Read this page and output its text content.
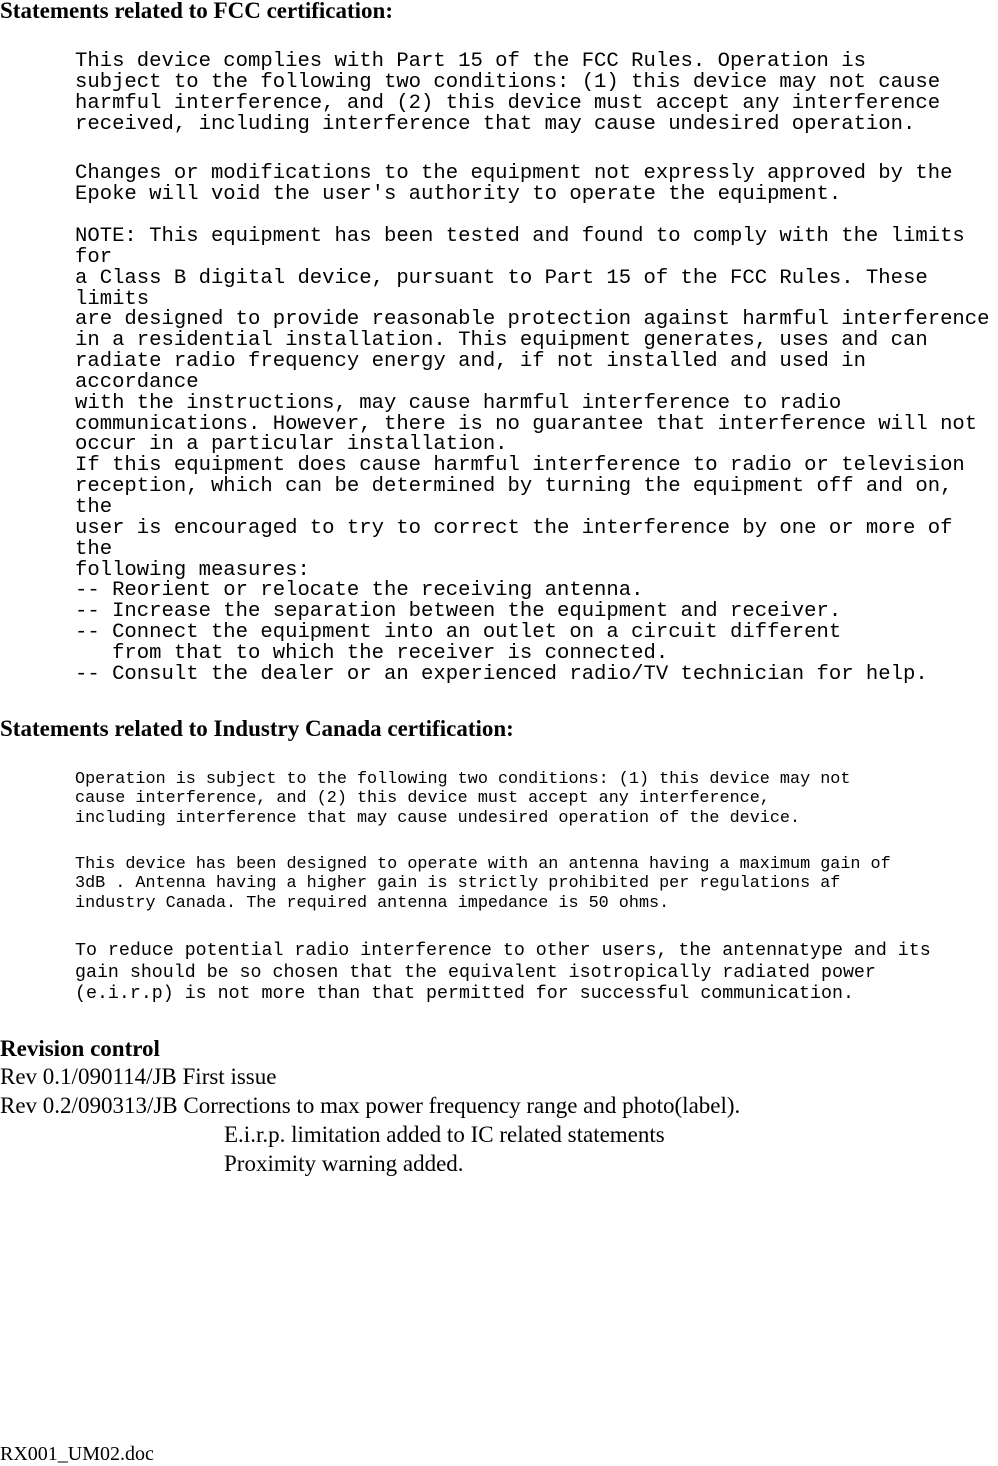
Statements related to FCC certification:

This device complies with Part 15 of the FCC Rules. Operation is
subject to the following two conditions: (1) this device may not cause
harmful interference, and (2) this device must accept any interference
received, including interference that may cause undesired operation.

Changes or modifications to the equipment not expressly approved by the
Epoke will void the user's authority to operate the equipment.

NOTE: This equipment has been tested and found to comply with the limits
for
a Class B digital device, pursuant to Part 15 of the FCC Rules. These
limits
are designed to provide reasonable protection against harmful interference
in a residential installation. This equipment generates, uses and can
radiate radio frequency energy and, if not installed and used in
accordance
with the instructions, may cause harmful interference to radio
communications. However, there is no guarantee that interference will not
occur in a particular installation.
If this equipment does cause harmful interference to radio or television
reception, which can be determined by turning the equipment off and on,
the
user is encouraged to try to correct the interference by one or more of
the
following measures:
-- Reorient or relocate the receiving antenna.
-- Increase the separation between the equipment and receiver.
-- Connect the equipment into an outlet on a circuit different
from that to which the receiver is connected.
-- Consult the dealer or an experienced radio/TV technician for help.

Statements related to Industry Canada certification:

Operation is subject to the following two conditions: (1) this device may not
cause interference, and (2) this device must accept any interference,
including interference that may cause undesired operation of the device.

This device has been designed to operate with an antenna having a maximum gain of
3dB . Antenna having a higher gain is strictly prohibited per regulations af
industry Canada. The required antenna impedance is 50 ohms.

To reduce potential radio interference to other users, the antennatype and its
gain should be so chosen that the equivalent isotropically radiated power
(e.i.r.p) is not more than that permitted for successful communication.

Revision control

Rev 0.1/090114/JB First issue

Rev 0.2/090313/JB Corrections to max power frequency range and photo(label).

E.i.r.p. limitation added to IC related statements

Proximity warning added.

RX001_UM02.doc
